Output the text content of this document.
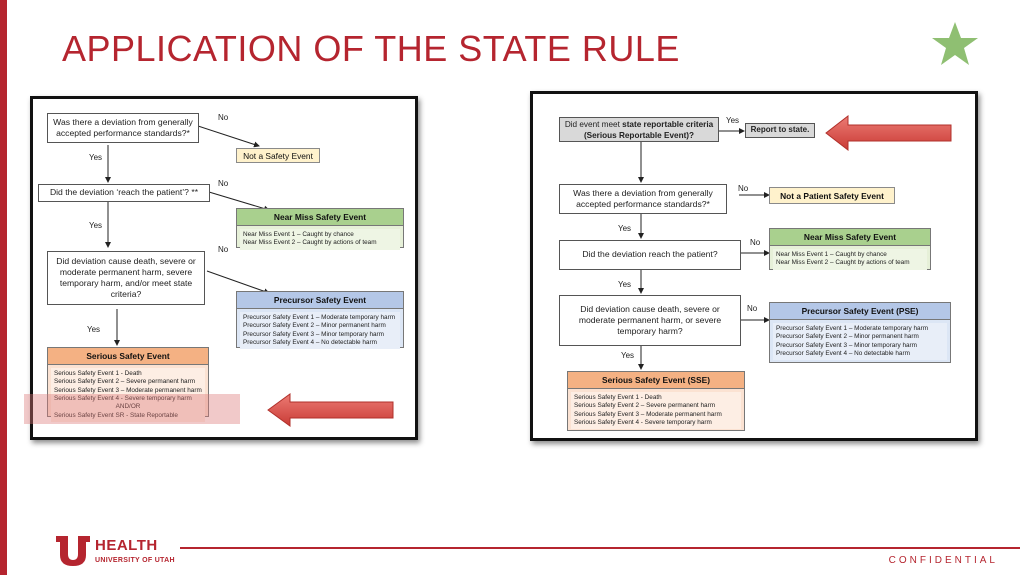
APPLICATION OF THE STATE RULE
Was there a deviation from generally accepted performance standards?*
No
Not a Safety Event
Yes
Did the deviation ‘reach the patient’? **
No
Near Miss Safety Event
Near Miss Event 1 – Caught by chance
Near Miss Event 2 – Caught by actions of team
Yes
Did deviation cause death, severe or moderate permanent harm, severe temporary harm, and/or meet state criteria?
No
Precursor Safety Event
Precursor Safety Event 1 – Moderate temporary harm
Precursor Safety Event 2 – Minor permanent harm
Precursor Safety Event 3 – Minor temporary harm
Precursor Safety Event 4 – No detectable harm
Yes
Serious Safety Event
Serious Safety Event 1 - Death
Serious Safety Event 2 – Severe permanent harm
Serious Safety Event 3 – Moderate permanent harm
Serious Safety Event 4 - Severe temporary harm
AND/OR
Serious Safety Event SR - State Reportable
Did event meet state reportable criteria (Serious Reportable Event)?
Yes
Report to state.
Was there a deviation from generally accepted performance standards?*
No
Not a Patient Safety Event
Yes
Did the deviation reach the patient?
No
Near Miss Safety Event
Near Miss Event 1 – Caught by chance
Near Miss Event 2 – Caught by actions of team
Yes
Did deviation cause death, severe or moderate permanent harm, or severe temporary harm?
No	Precursor Safety Event (PSE)
Precursor Safety Event 1 – Moderate temporary harm
Precursor Safety Event 2 – Minor permanent harm
Precursor Safety Event 3 – Minor temporary harm
Precursor Safety Event 4 – No detectable harm
Yes
Serious Safety Event (SSE)
Serious Safety Event 1 - Death
Serious Safety Event 2 – Severe permanent harm
Serious Safety Event 3 – Moderate permanent harm
Serious Safety Event 4 - Severe temporary harm
HEALTH
UNIVERSITY OF UTAH	CONFIDENTIAL
